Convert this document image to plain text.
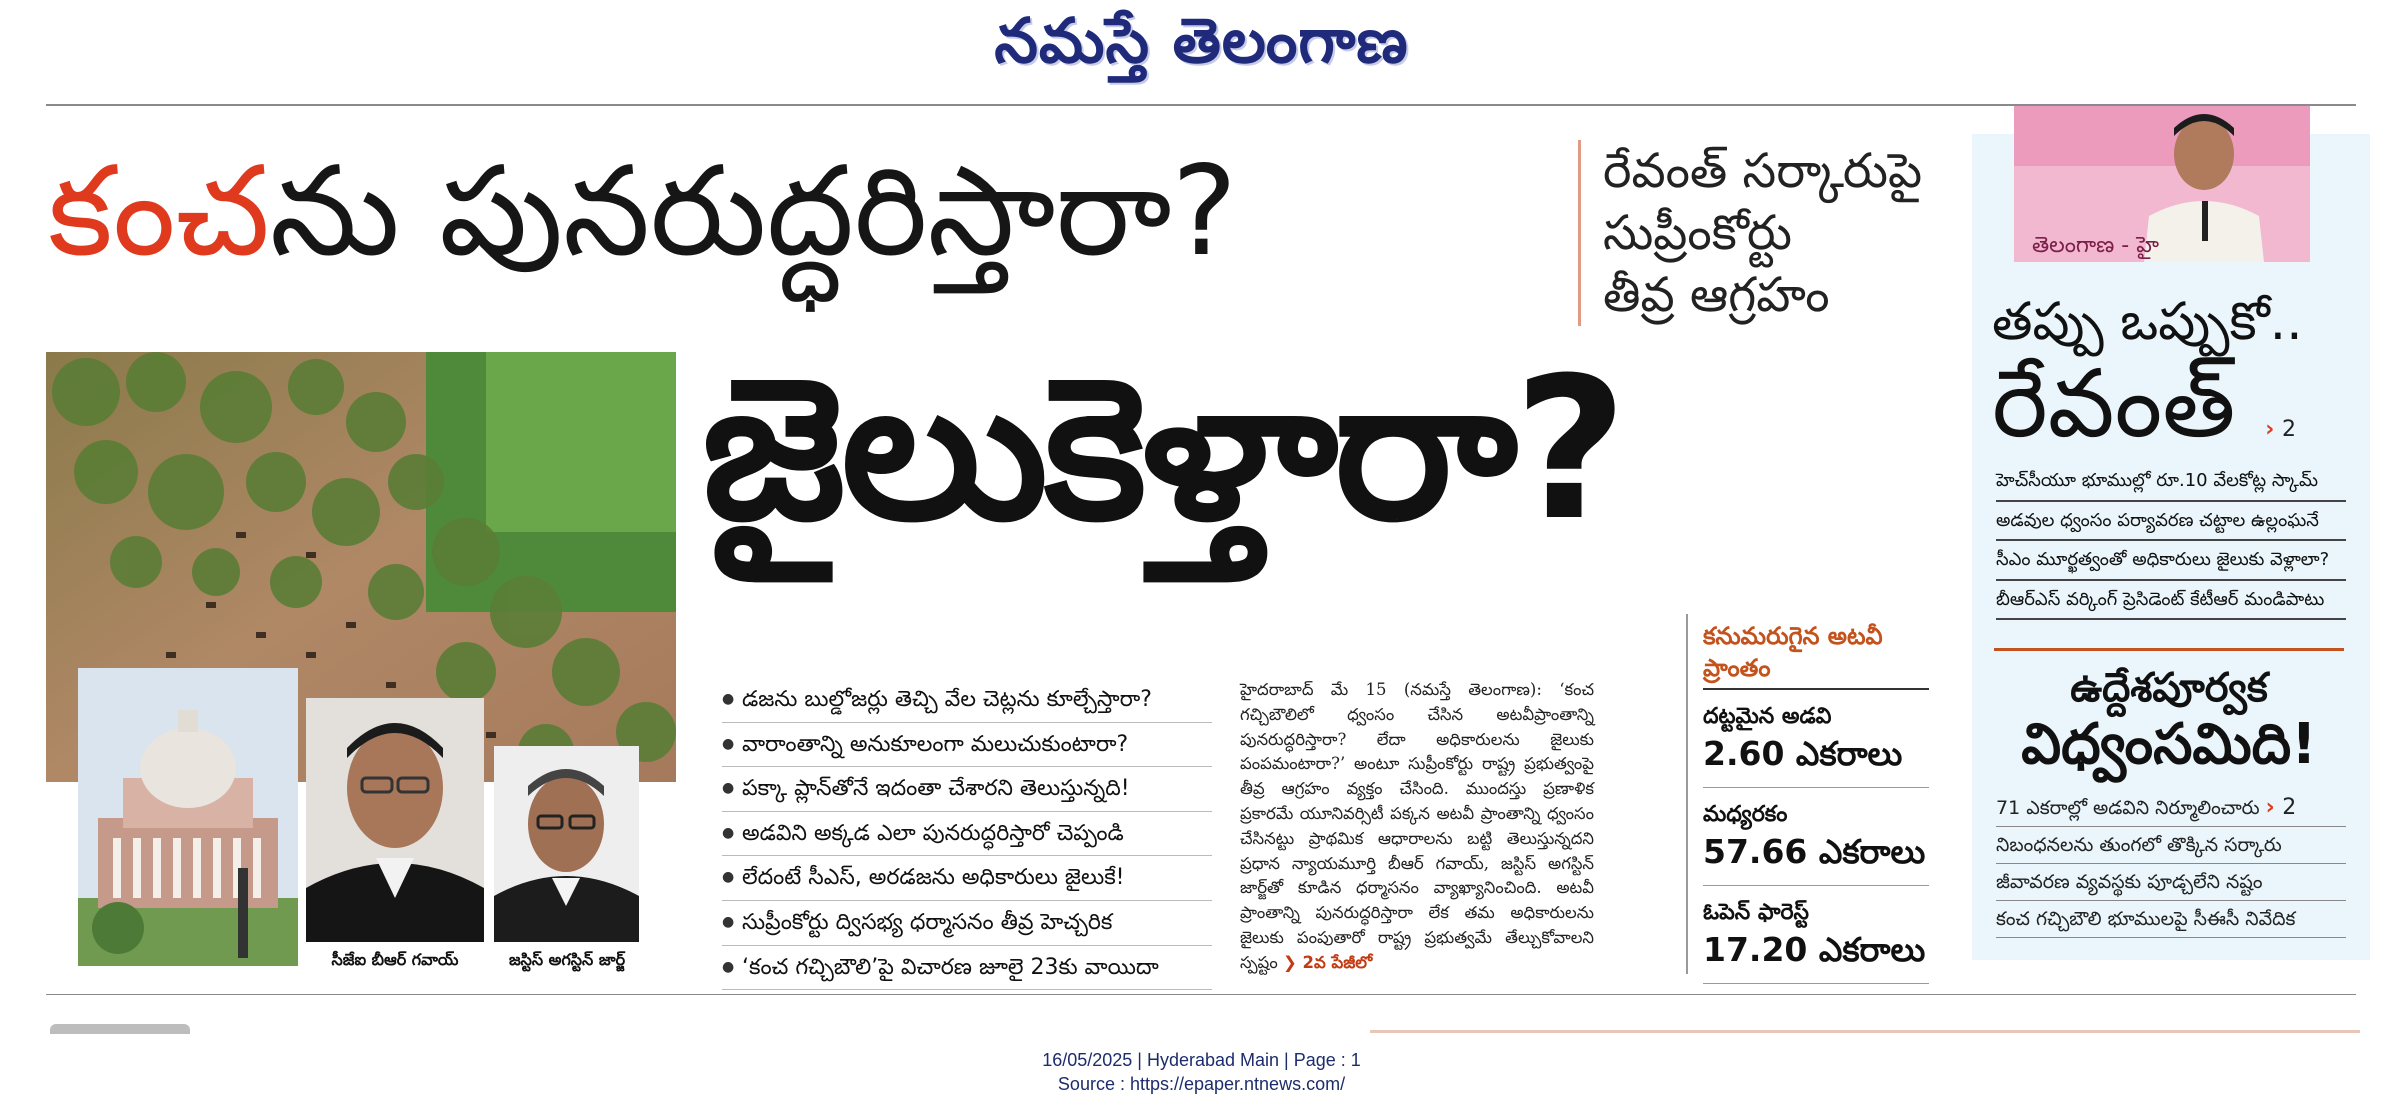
నమస్తే తెలంగాణ
కంచను పునరుద్ధరిస్తారా?	రేవంత్ సర్కారుపై
సుప్రీంకోర్టు
తీవ్ర ఆగ్రహం
సీజేఐ బీఆర్ గవాయ్	జస్టిస్ అగస్టిన్ జార్జ్
జైలుకెళ్తారా?
● డజను బుల్డోజర్లు తెచ్చి వేల చెట్లను కూల్చేస్తారా?
● వారాంతాన్ని అనుకూలంగా మలుచుకుంటారా?
● పక్కా ప్లాన్‌తోనే ఇదంతా చేశారని తెలుస్తున్నది!
● అడవిని అక్కడ ఎలా పునరుద్ధరిస్తారో చెప్పండి
● లేదంటే సీఎస్, అరడజను అధికారులు జైలుకే!
● సుప్రీంకోర్టు ద్విసభ్య ధర్మాసనం తీవ్ర హెచ్చరిక
● ‘కంచ గచ్చిబౌలి’పై విచారణ జూలై 23కు వాయిదా
హైదరాబాద్ మే 15 (నమస్తే తెలంగాణ): ‘కంచ గచ్చిబౌలిలో ధ్వంసం చేసిన అటవీప్రాంతాన్ని పునరుద్ధరిస్తారా? లేదా అధికారులను జైలుకు పంపమంటారా?’ అంటూ సుప్రీంకోర్టు రాష్ట్ర ప్రభుత్వంపై తీవ్ర ఆగ్రహం వ్యక్తం చేసింది. ముందస్తు ప్రణాళిక ప్రకారమే యూనివర్సిటీ పక్కన అటవీ ప్రాంతాన్ని ధ్వంసం చేసినట్టు ప్రాథమిక ఆధారాలను బట్టి తెలుస్తున్నదని ప్రధాన న్యాయమూర్తి బీఆర్ గవాయ్, జస్టిస్ అగస్టిన్ జార్జ్‌తో కూడిన ధర్మాసనం వ్యాఖ్యానించింది. అటవీ ప్రాంతాన్ని పునరుద్ధరిస్తారా లేక తమ అధికారులను జైలుకు పంపుతారో రాష్ట్ర ప్రభుత్వమే తేల్చుకోవాలని స్పష్టం ❯ 2వ పేజీలో
కనుమరుగైన అటవీ ప్రాంతం
దట్టమైన అడవి
2.60 ఎకరాలు
మధ్యరకం
57.66 ఎకరాలు
ఓపెన్ ఫారెస్ట్
17.20 ఎకరాలు
తెలంగాణ - హై
తప్పు ఒప్పుకో..
రేవంత్ › 2
హెచ్‌సీయూ భూముల్లో రూ.10 వేలకోట్ల స్కామ్
అడవుల ధ్వంసం పర్యావరణ చట్టాల ఉల్లంఘనే
సీఎం మూర్ఖత్వంతో అధికారులు జైలుకు వెళ్లాలా?
బీఆర్‌ఎస్ వర్కింగ్ ప్రెసిడెంట్ కేటీఆర్ మండిపాటు
ఉద్దేశపూర్వక
విధ్వంసమిది!
71 ఎకరాల్లో అడవిని నిర్మూలించారు › 2
నిబంధనలను తుంగలో తొక్కిన సర్కారు
జీవావరణ వ్యవస్థకు పూడ్చలేని నష్టం
కంచ గచ్చిబౌలి భూములపై సీఈసీ నివేదిక
16/05/2025 | Hyderabad Main | Page : 1
Source : https://epaper.ntnews.com/
